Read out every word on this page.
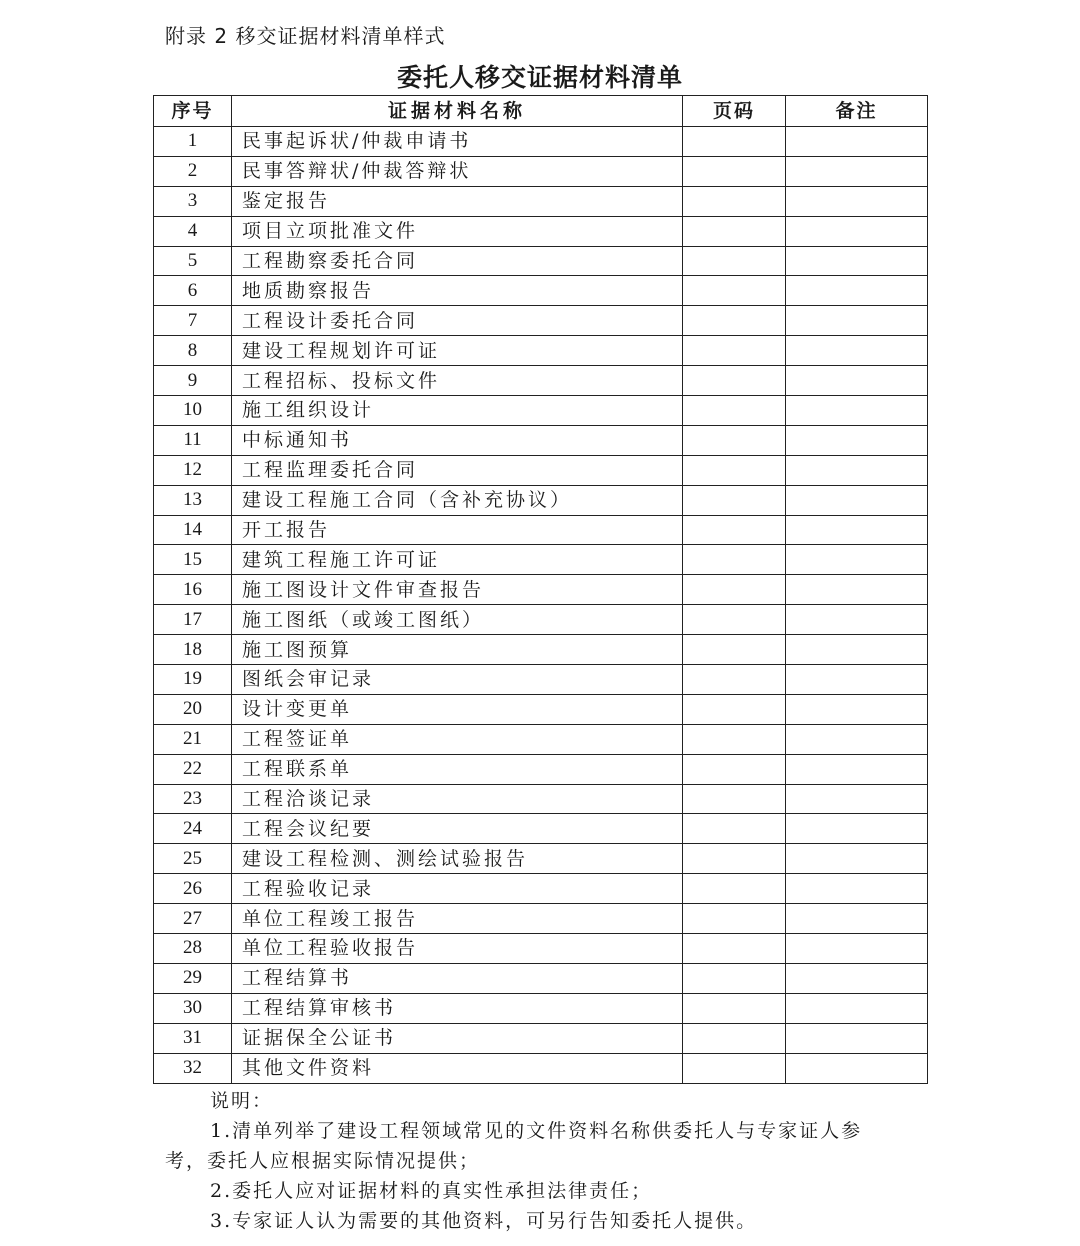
附录 2 移交证据材料清单样式
委托人移交证据材料清单
序号	证据材料名称	页码	备注
1	民事起诉状/仲裁申请书		
2	民事答辩状/仲裁答辩状		
3	鉴定报告		
4	项目立项批准文件		
5	工程勘察委托合同		
6	地质勘察报告		
7	工程设计委托合同		
8	建设工程规划许可证		
9	工程招标、投标文件		
10	施工组织设计		
11	中标通知书		
12	工程监理委托合同		
13	建设工程施工合同（含补充协议）		
14	开工报告		
15	建筑工程施工许可证		
16	施工图设计文件审查报告		
17	施工图纸（或竣工图纸）		
18	施工图预算		
19	图纸会审记录		
20	设计变更单		
21	工程签证单		
22	工程联系单		
23	工程洽谈记录		
24	工程会议纪要		
25	建设工程检测、测绘试验报告		
26	工程验收记录		
27	单位工程竣工报告		
28	单位工程验收报告		
29	工程结算书		
30	工程结算审核书		
31	证据保全公证书		
32	其他文件资料		
说明：
1.清单列举了建设工程领域常见的文件资料名称供委托人与专家证人参
考，委托人应根据实际情况提供；
2.委托人应对证据材料的真实性承担法律责任；
3.专家证人认为需要的其他资料，可另行告知委托人提供。
